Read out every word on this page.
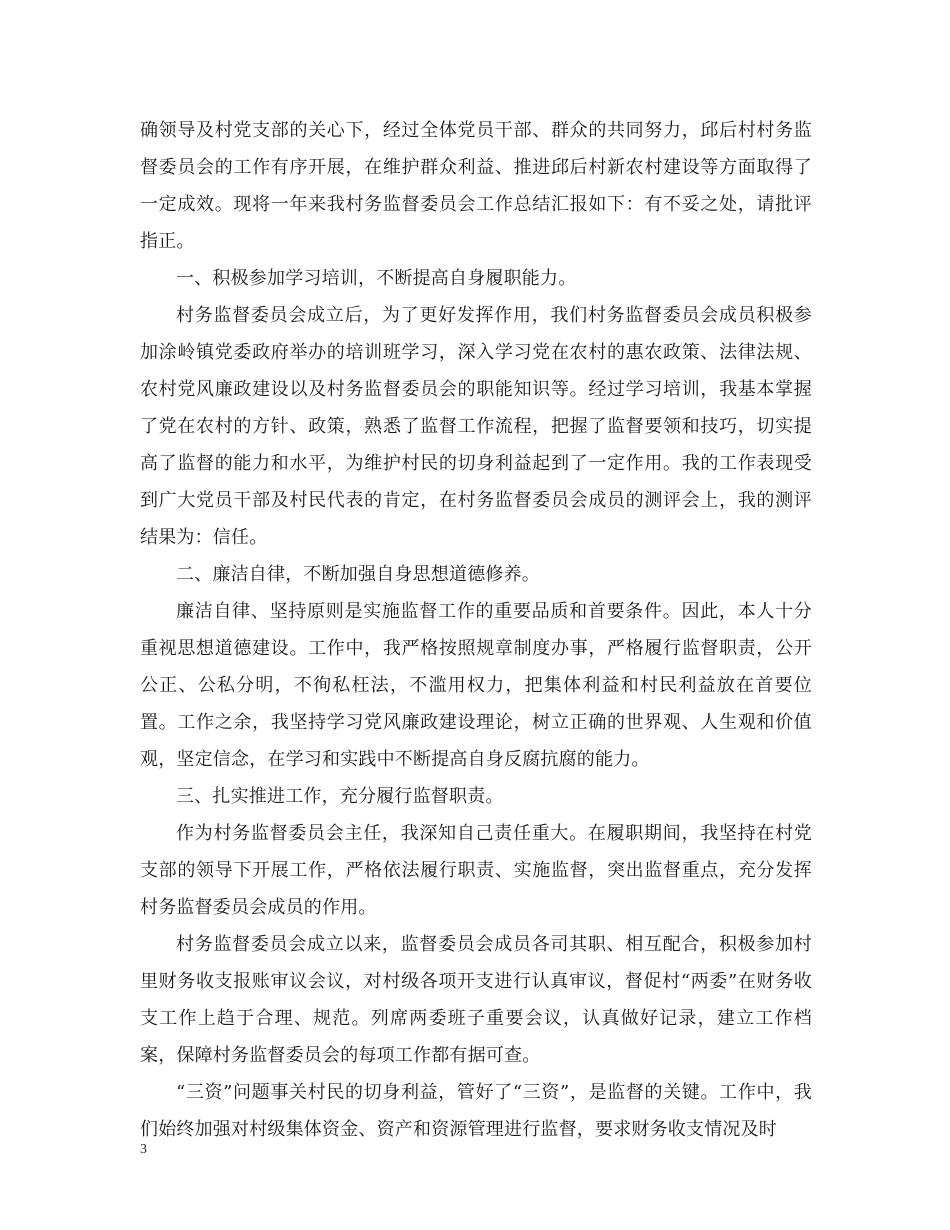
确领导及村党支部的关心下，经过全体党员干部、群众的共同努力，邱后村村务监督委员会的工作有序开展，在维护群众利益、推进邱后村新农村建设等方面取得了一定成效。现将一年来我村务监督委员会工作总结汇报如下：有不妥之处，请批评指正。

一、积极参加学习培训，不断提高自身履职能力。

村务监督委员会成立后，为了更好发挥作用，我们村务监督委员会成员积极参加涂岭镇党委政府举办的培训班学习，深入学习党在农村的惠农政策、法律法规、农村党风廉政建设以及村务监督委员会的职能知识等。经过学习培训，我基本掌握了党在农村的方针、政策，熟悉了监督工作流程，把握了监督要领和技巧，切实提高了监督的能力和水平，为维护村民的切身利益起到了一定作用。我的工作表现受到广大党员干部及村民代表的肯定，在村务监督委员会成员的测评会上，我的测评结果为：信任。

二、廉洁自律，不断加强自身思想道德修养。

廉洁自律、坚持原则是实施监督工作的重要品质和首要条件。因此，本人十分重视思想道德建设。工作中，我严格按照规章制度办事，严格履行监督职责，公开公正、公私分明，不徇私枉法，不滥用权力，把集体利益和村民利益放在首要位置。工作之余，我坚持学习党风廉政建设理论，树立正确的世界观、人生观和价值观，坚定信念，在学习和实践中不断提高自身反腐抗腐的能力。

三、扎实推进工作，充分履行监督职责。

作为村务监督委员会主任，我深知自己责任重大。在履职期间，我坚持在村党支部的领导下开展工作，严格依法履行职责、实施监督，突出监督重点，充分发挥村务监督委员会成员的作用。

村务监督委员会成立以来，监督委员会成员各司其职、相互配合，积极参加村里财务收支报账审议会议，对村级各项开支进行认真审议，督促村“两委”在财务收支工作上趋于合理、规范。列席两委班子重要会议，认真做好记录，建立工作档案，保障村务监督委员会的每项工作都有据可查。

“三资”问题事关村民的切身利益，管好了“三资”，是监督的关键。工作中，我们始终加强对村级集体资金、资产和资源管理进行监督，要求财务收支情况及时

3
